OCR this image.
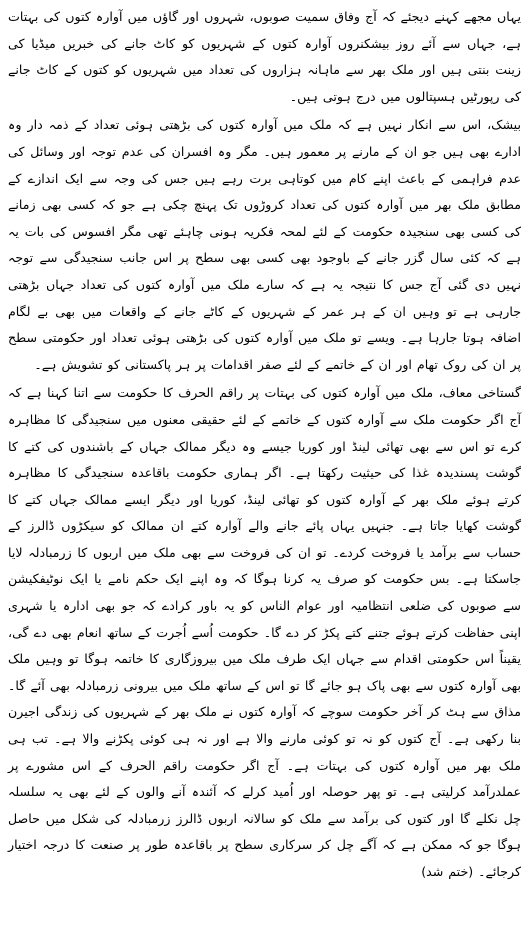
یہاں مجھے کہنے دیجئے کہ آج وفاق سمیت صوبوں، شہروں اور گاؤں میں آوارہ کتوں کی بہتات ہے، جہاں سے آئے روز بیشکنروں آوارہ کتوں کے شہریوں کو کاٹ جانے کی خبریں میڈیا کی زینت بنتی ہیں اور ملک بھر سے ماہانہ ہزاروں کی تعداد میں شہریوں کو کتوں کے کاٹ جانے کی رپورٹیں ہسپتالوں میں درج ہوتی ہیں۔

بیشک، اس سے انکار نہیں ہے کہ ملک میں آوارہ کتوں کی بڑھتی ہوئی تعداد کے ذمہ دار وہ ادارے بھی ہیں جو ان کے مارنے پر معمور ہیں۔ مگر وہ افسران کی عدم توجہ اور وسائل کی عدم فراہمی کے باعث اپنے کام میں کوتاہی برت رہے ہیں جس کی وجہ سے ایک اندازے کے مطابق ملک بھر میں آوارہ کتوں کی تعداد کروڑوں تک پہنچ چکی ہے جو کہ کسی بھی زمانے کی کسی بھی سنجیدہ حکومت کے لئے لمحہ فکریہ ہونی چاہئے تھی مگر افسوس کی بات یہ ہے کہ کئی سال گزر جانے کے باوجود بھی کسی بھی سطح پر اس جانب سنجیدگی سے توجہ نہیں دی گئی آج جس کا نتیجہ یہ ہے کہ سارے ملک میں آوارہ کتوں کی تعداد جہاں بڑھتی جارہی ہے تو وہیں ان کے ہر عمر کے شہریوں کے کاٹے جانے کے واقعات میں بھی بے لگام اضافہ ہوتا جارہا ہے۔ ویسے تو ملک میں آوارہ کتوں کی بڑھتی ہوئی تعداد اور حکومتی سطح پر ان کی روک تھام اور ان کے خاتمے کے لئے صفر اقدامات پر ہر پاکستانی کو تشویش ہے۔

گستاخی معاف، ملک میں آوارہ کتوں کی بہتات پر راقم الحرف کا حکومت سے اتنا کہنا ہے کہ آج اگر حکومت ملک سے آوارہ کتوں کے خاتمے کے لئے حقیقی معنوں میں سنجیدگی کا مظاہرہ کرے تو اس سے بھی تھائی لینڈ اور کوریا جیسے وہ دیگر ممالک جہاں کے باشندوں کی کتے کا گوشت پسندیدہ غذا کی حیثیت رکھتا ہے۔ اگر ہماری حکومت باقاعدہ سنجیدگی کا مظاہرہ کرتے ہوئے ملک بھر کے آوارہ کتوں کو تھائی لینڈ، کوریا اور دیگر ایسے ممالک جہاں کتے کا گوشت کھایا جاتا ہے۔ جنہیں یہاں پائے جانے والے آوارہ کتے ان ممالک کو سیکڑوں ڈالرز کے حساب سے برآمد یا فروخت کردے۔ تو ان کی فروخت سے بھی ملک میں اربوں کا زرمبادلہ لایا جاسکتا ہے۔ بس حکومت کو صرف یہ کرنا ہوگا کہ وہ اپنے ایک حکم نامے یا ایک نوٹیفکیشن سے صوبوں کی ضلعی انتظامیہ اور عوام الناس کو یہ باور کرادے کہ جو بھی ادارہ یا شہری اپنی حفاظت کرتے ہوئے جتنے کتے پکڑ کر دے گا۔ حکومت اُسے اُجرت کے ساتھ انعام بھی دے گی، یقیناً اس حکومتی اقدام سے جہاں ایک طرف ملک میں بیروزگاری کا خاتمہ ہوگا تو وہیں ملک بھی آوارہ کتوں سے بھی پاک ہو جائے گا تو اس کے ساتھ ملک میں بیرونی زرمبادلہ بھی آئے گا۔ مذاق سے ہٹ کر آخر حکومت سوچے کہ آوارہ کتوں نے ملک بھر کے شہریوں کی زندگی اجیرن بنا رکھی ہے۔ آج کتوں کو نہ تو کوئی مارنے والا ہے اور نہ ہی کوئی پکڑنے والا ہے۔ تب ہی ملک بھر میں آوارہ کتوں کی بہتات ہے۔ آج اگر حکومت راقم الحرف کے اس مشورے پر عملدرآمد کرلیتی ہے۔ تو پھر حوصلہ اور اُمید کرلے کہ آئندہ آنے والوں کے لئے بھی یہ سلسلہ چل نکلے گا اور کتوں کی برآمد سے ملک کو سالانہ اربوں ڈالرز زرمبادلہ کی شکل میں حاصل ہوگا جو کہ ممکن ہے کہ آگے چل کر سرکاری سطح پر باقاعدہ طور پر صنعت کا درجہ اختیار کرجائے۔ (ختم شد)
